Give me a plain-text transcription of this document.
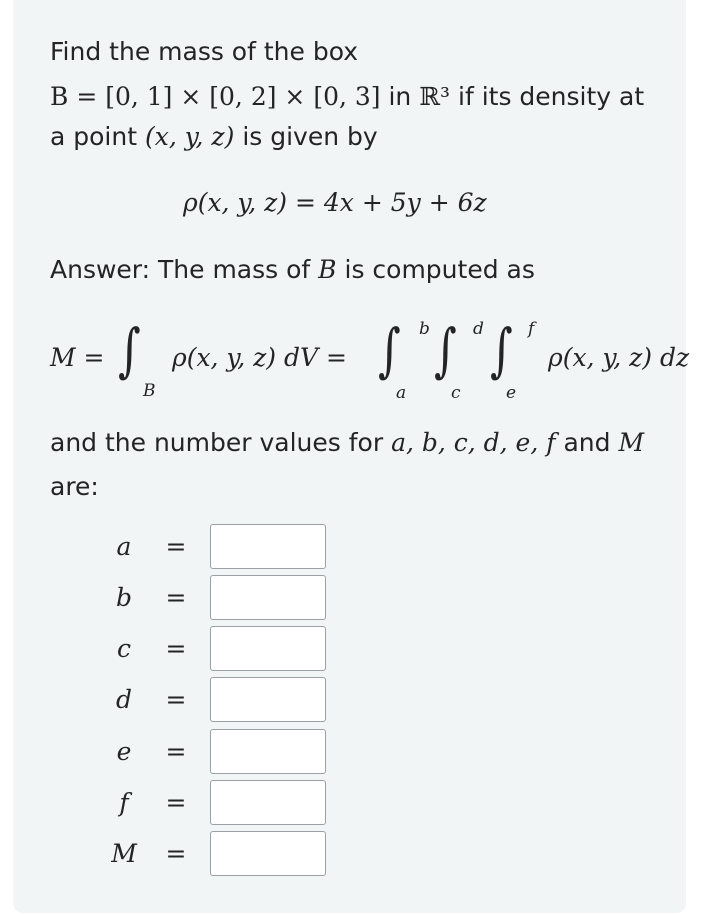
Find the mass of the box
B = [0, 1] × [0, 2] × [0, 3] in ℝ³ if its density at
a point (x, y, z) is given by
ρ(x, y, z) = 4x + 5y + 6z
Answer: The mass of B is computed as
M = ∫
B
ρ(x, y, z) dV = ∫ b
a
∫ d
c
∫ f
e
ρ(x, y, z) dz
and the number values for a, b, c, d, e, f and M
are:
a	=
b	=
c	=
d	=
e	=
f	=
M =
